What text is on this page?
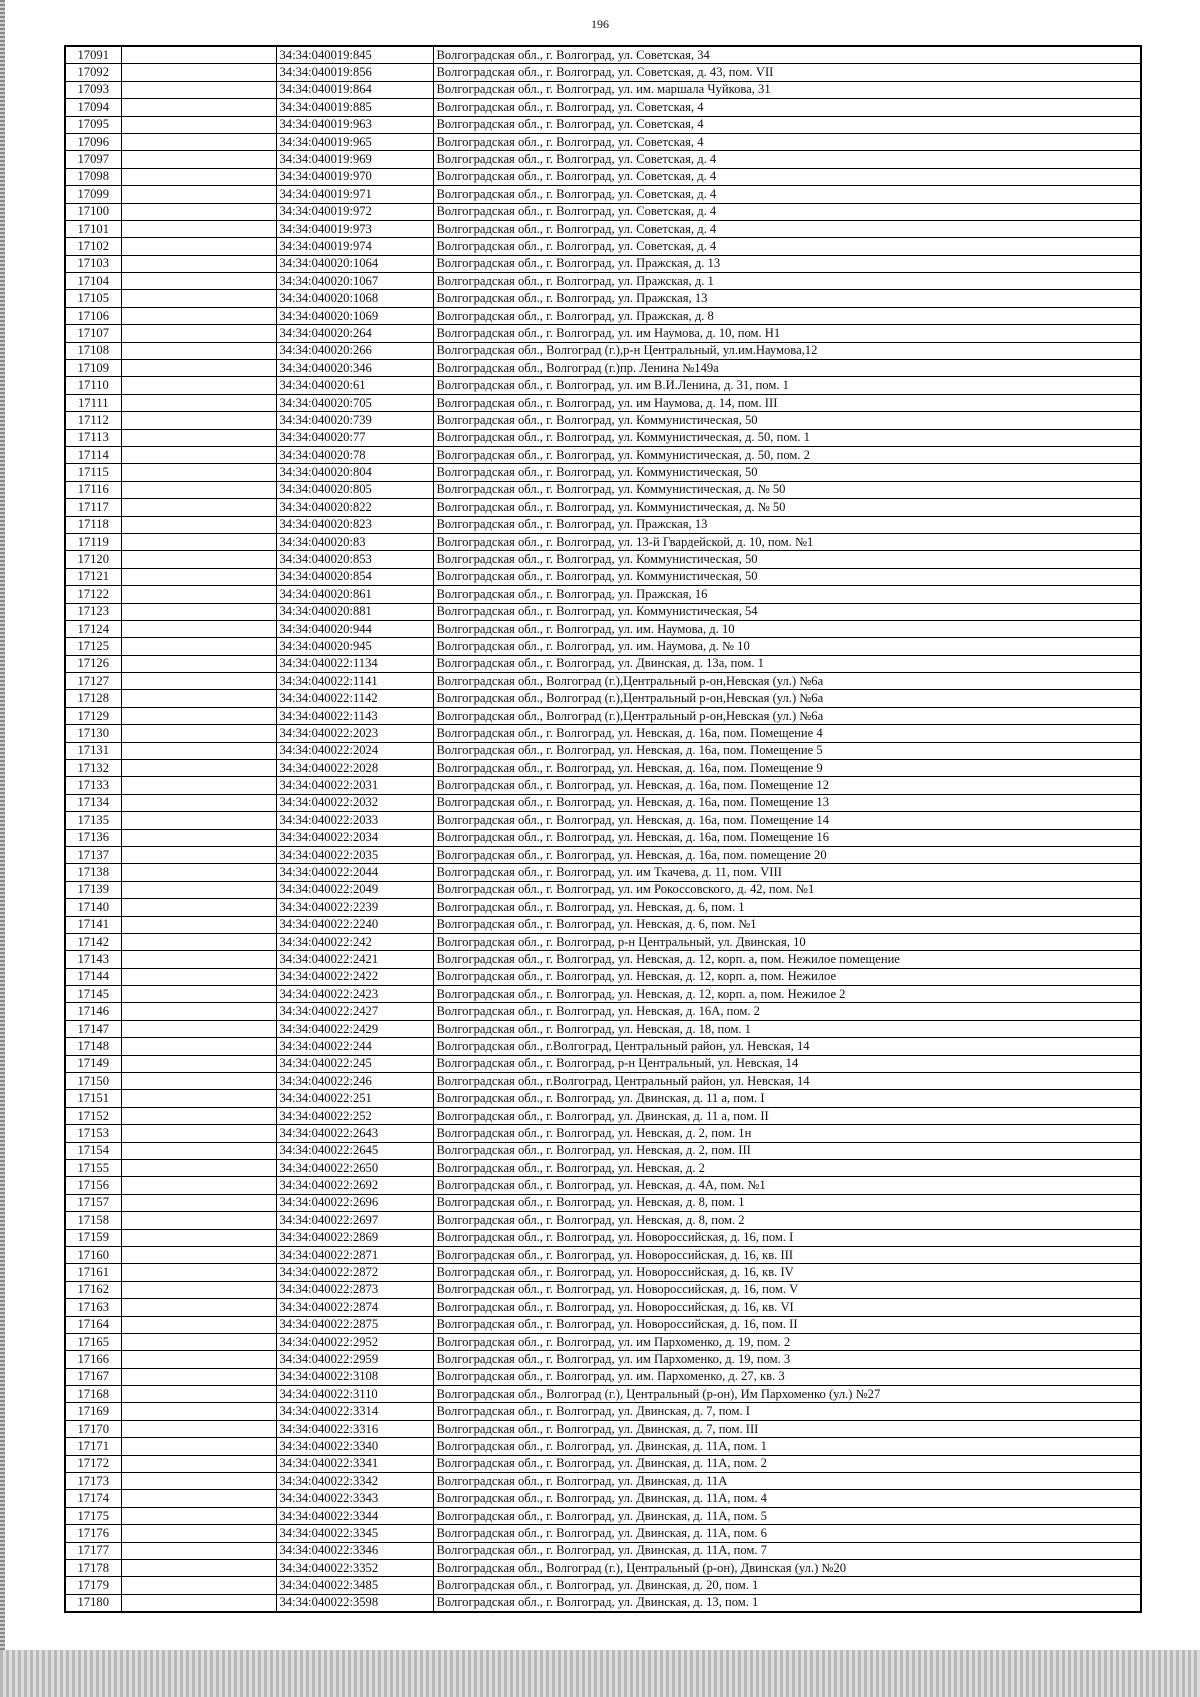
196
17091		34:34:040019:845	Волгоградская обл., г. Волгоград, ул. Советская, 34
17092		34:34:040019:856	Волгоградская обл., г. Волгоград, ул. Советская, д. 43, пом. VII
17093		34:34:040019:864	Волгоградская обл., г. Волгоград, ул. им. маршала Чуйкова, 31
17094		34:34:040019:885	Волгоградская обл., г. Волгоград, ул. Советская, 4
17095		34:34:040019:963	Волгоградская обл., г. Волгоград, ул. Советская, 4
17096		34:34:040019:965	Волгоградская обл., г. Волгоград, ул. Советская, 4
17097		34:34:040019:969	Волгоградская обл., г. Волгоград, ул. Советская, д. 4
17098		34:34:040019:970	Волгоградская обл., г. Волгоград, ул. Советская, д. 4
17099		34:34:040019:971	Волгоградская обл., г. Волгоград, ул. Советская, д. 4
17100		34:34:040019:972	Волгоградская обл., г. Волгоград, ул. Советская, д. 4
17101		34:34:040019:973	Волгоградская обл., г. Волгоград, ул. Советская, д. 4
17102		34:34:040019:974	Волгоградская обл., г. Волгоград, ул. Советская, д. 4
17103		34:34:040020:1064	Волгоградская обл., г. Волгоград, ул. Пражская, д. 13
17104		34:34:040020:1067	Волгоградская обл., г. Волгоград, ул. Пражская, д. 1
17105		34:34:040020:1068	Волгоградская обл., г. Волгоград, ул. Пражская, 13
17106		34:34:040020:1069	Волгоградская обл., г. Волгоград, ул. Пражская, д. 8
17107		34:34:040020:264	Волгоградская обл., г. Волгоград, ул. им Наумова, д. 10, пом. Н1
17108		34:34:040020:266	Волгоградская обл., Волгоград (г.),р-н Центральный, ул.им.Наумова,12
17109		34:34:040020:346	Волгоградская обл., Волгоград (г.)пр. Ленина №149а
17110		34:34:040020:61	Волгоградская обл., г. Волгоград, ул. им В.И.Ленина, д. 31, пом. 1
17111		34:34:040020:705	Волгоградская обл., г. Волгоград, ул. им Наумова, д. 14, пом. III
17112		34:34:040020:739	Волгоградская обл., г. Волгоград, ул. Коммунистическая, 50
17113		34:34:040020:77	Волгоградская обл., г. Волгоград, ул. Коммунистическая, д. 50, пом. 1
17114		34:34:040020:78	Волгоградская обл., г. Волгоград, ул. Коммунистическая, д. 50, пом. 2
17115		34:34:040020:804	Волгоградская обл., г. Волгоград, ул. Коммунистическая, 50
17116		34:34:040020:805	Волгоградская обл., г. Волгоград, ул. Коммунистическая, д. № 50
17117		34:34:040020:822	Волгоградская обл., г. Волгоград, ул. Коммунистическая, д. № 50
17118		34:34:040020:823	Волгоградская обл., г. Волгоград, ул. Пражская, 13
17119		34:34:040020:83	Волгоградская обл., г. Волгоград, ул. 13-й Гвардейской, д. 10, пом. №1
17120		34:34:040020:853	Волгоградская обл., г. Волгоград, ул. Коммунистическая, 50
17121		34:34:040020:854	Волгоградская обл., г. Волгоград, ул. Коммунистическая, 50
17122		34:34:040020:861	Волгоградская обл., г. Волгоград, ул. Пражская, 16
17123		34:34:040020:881	Волгоградская обл., г. Волгоград, ул. Коммунистическая, 54
17124		34:34:040020:944	Волгоградская обл., г. Волгоград, ул. им. Наумова, д. 10
17125		34:34:040020:945	Волгоградская обл., г. Волгоград, ул. им. Наумова, д. № 10
17126		34:34:040022:1134	Волгоградская обл., г. Волгоград, ул. Двинская, д. 13а, пом. 1
17127		34:34:040022:1141	Волгоградская обл., Волгоград (г.),Центральный р-он,Невская (ул.) №6а
17128		34:34:040022:1142	Волгоградская обл., Волгоград (г.),Центральный р-он,Невская (ул.) №6а
17129		34:34:040022:1143	Волгоградская обл., Волгоград (г.),Центральный р-он,Невская (ул.) №6а
17130		34:34:040022:2023	Волгоградская обл., г. Волгоград, ул. Невская, д. 16а, пом. Помещение 4
17131		34:34:040022:2024	Волгоградская обл., г. Волгоград, ул. Невская, д. 16а, пом. Помещение 5
17132		34:34:040022:2028	Волгоградская обл., г. Волгоград, ул. Невская, д. 16а, пом. Помещение 9
17133		34:34:040022:2031	Волгоградская обл., г. Волгоград, ул. Невская, д. 16а, пом. Помещение 12
17134		34:34:040022:2032	Волгоградская обл., г. Волгоград, ул. Невская, д. 16а, пом. Помещение 13
17135		34:34:040022:2033	Волгоградская обл., г. Волгоград, ул. Невская, д. 16а, пом. Помещение 14
17136		34:34:040022:2034	Волгоградская обл., г. Волгоград, ул. Невская, д. 16а, пом. Помещение 16
17137		34:34:040022:2035	Волгоградская обл., г. Волгоград, ул. Невская, д. 16а, пом. помещение 20
17138		34:34:040022:2044	Волгоградская обл., г. Волгоград, ул. им Ткачева, д. 11, пом. VIII
17139		34:34:040022:2049	Волгоградская обл., г. Волгоград, ул. им Рокоссовского, д. 42, пом. №1
17140		34:34:040022:2239	Волгоградская обл., г. Волгоград, ул. Невская, д. 6, пом. 1
17141		34:34:040022:2240	Волгоградская обл., г. Волгоград, ул. Невская, д. 6, пом. №1
17142		34:34:040022:242	Волгоградская обл., г. Волгоград, р-н Центральный, ул. Двинская, 10
17143		34:34:040022:2421	Волгоградская обл., г. Волгоград, ул. Невская, д. 12, корп. а, пом. Нежилое помещение
17144		34:34:040022:2422	Волгоградская обл., г. Волгоград, ул. Невская, д. 12, корп. а, пом. Нежилое
17145		34:34:040022:2423	Волгоградская обл., г. Волгоград, ул. Невская, д. 12, корп. а, пом. Нежилое 2
17146		34:34:040022:2427	Волгоградская обл., г. Волгоград, ул. Невская, д. 16А, пом. 2
17147		34:34:040022:2429	Волгоградская обл., г. Волгоград, ул. Невская, д. 18, пом. 1
17148		34:34:040022:244	Волгоградская обл., г.Волгоград, Центральный район, ул. Невская, 14
17149		34:34:040022:245	Волгоградская обл., г. Волгоград, р-н Центральный, ул. Невская, 14
17150		34:34:040022:246	Волгоградская обл., г.Волгоград, Центральный район, ул. Невская, 14
17151		34:34:040022:251	Волгоградская обл., г. Волгоград, ул. Двинская, д. 11 а, пом. I
17152		34:34:040022:252	Волгоградская обл., г. Волгоград, ул. Двинская, д. 11 а, пом. II
17153		34:34:040022:2643	Волгоградская обл., г. Волгоград, ул. Невская, д. 2, пом. 1н
17154		34:34:040022:2645	Волгоградская обл., г. Волгоград, ул. Невская, д. 2, пом. III
17155		34:34:040022:2650	Волгоградская обл., г. Волгоград, ул. Невская, д. 2
17156		34:34:040022:2692	Волгоградская обл., г. Волгоград, ул. Невская, д. 4А, пом. №1
17157		34:34:040022:2696	Волгоградская обл., г. Волгоград, ул. Невская, д. 8, пом. 1
17158		34:34:040022:2697	Волгоградская обл., г. Волгоград, ул. Невская, д. 8, пом. 2
17159		34:34:040022:2869	Волгоградская обл., г. Волгоград, ул. Новороссийская, д. 16, пом. I
17160		34:34:040022:2871	Волгоградская обл., г. Волгоград, ул. Новороссийская, д. 16, кв. III
17161		34:34:040022:2872	Волгоградская обл., г. Волгоград, ул. Новороссийская, д. 16, кв. IV
17162		34:34:040022:2873	Волгоградская обл., г. Волгоград, ул. Новороссийская, д. 16, пом. V
17163		34:34:040022:2874	Волгоградская обл., г. Волгоград, ул. Новороссийская, д. 16, кв. VI
17164		34:34:040022:2875	Волгоградская обл., г. Волгоград, ул. Новороссийская, д. 16, пом. II
17165		34:34:040022:2952	Волгоградская обл., г. Волгоград, ул. им Пархоменко, д. 19, пом. 2
17166		34:34:040022:2959	Волгоградская обл., г. Волгоград, ул. им Пархоменко, д. 19, пом. 3
17167		34:34:040022:3108	Волгоградская обл., г. Волгоград, ул. им. Пархоменко, д. 27, кв. 3
17168		34:34:040022:3110	Волгоградская обл., Волгоград (г.), Центральный (р-он), Им Пархоменко (ул.) №27
17169		34:34:040022:3314	Волгоградская обл., г. Волгоград, ул. Двинская, д. 7, пом. I
17170		34:34:040022:3316	Волгоградская обл., г. Волгоград, ул. Двинская, д. 7, пом. III
17171		34:34:040022:3340	Волгоградская обл., г. Волгоград, ул. Двинская, д. 11А, пом. 1
17172		34:34:040022:3341	Волгоградская обл., г. Волгоград, ул. Двинская, д. 11А, пом. 2
17173		34:34:040022:3342	Волгоградская обл., г. Волгоград, ул. Двинская, д. 11А
17174		34:34:040022:3343	Волгоградская обл., г. Волгоград, ул. Двинская, д. 11А, пом. 4
17175		34:34:040022:3344	Волгоградская обл., г. Волгоград, ул. Двинская, д. 11А, пом. 5
17176		34:34:040022:3345	Волгоградская обл., г. Волгоград, ул. Двинская, д. 11А, пом. 6
17177		34:34:040022:3346	Волгоградская обл., г. Волгоград, ул. Двинская, д. 11А, пом. 7
17178		34:34:040022:3352	Волгоградская обл., Волгоград (г.), Центральный (р-он), Двинская (ул.) №20
17179		34:34:040022:3485	Волгоградская обл., г. Волгоград, ул. Двинская, д. 20, пом. 1
17180		34:34:040022:3598	Волгоградская обл., г. Волгоград, ул. Двинская, д. 13, пом. 1
